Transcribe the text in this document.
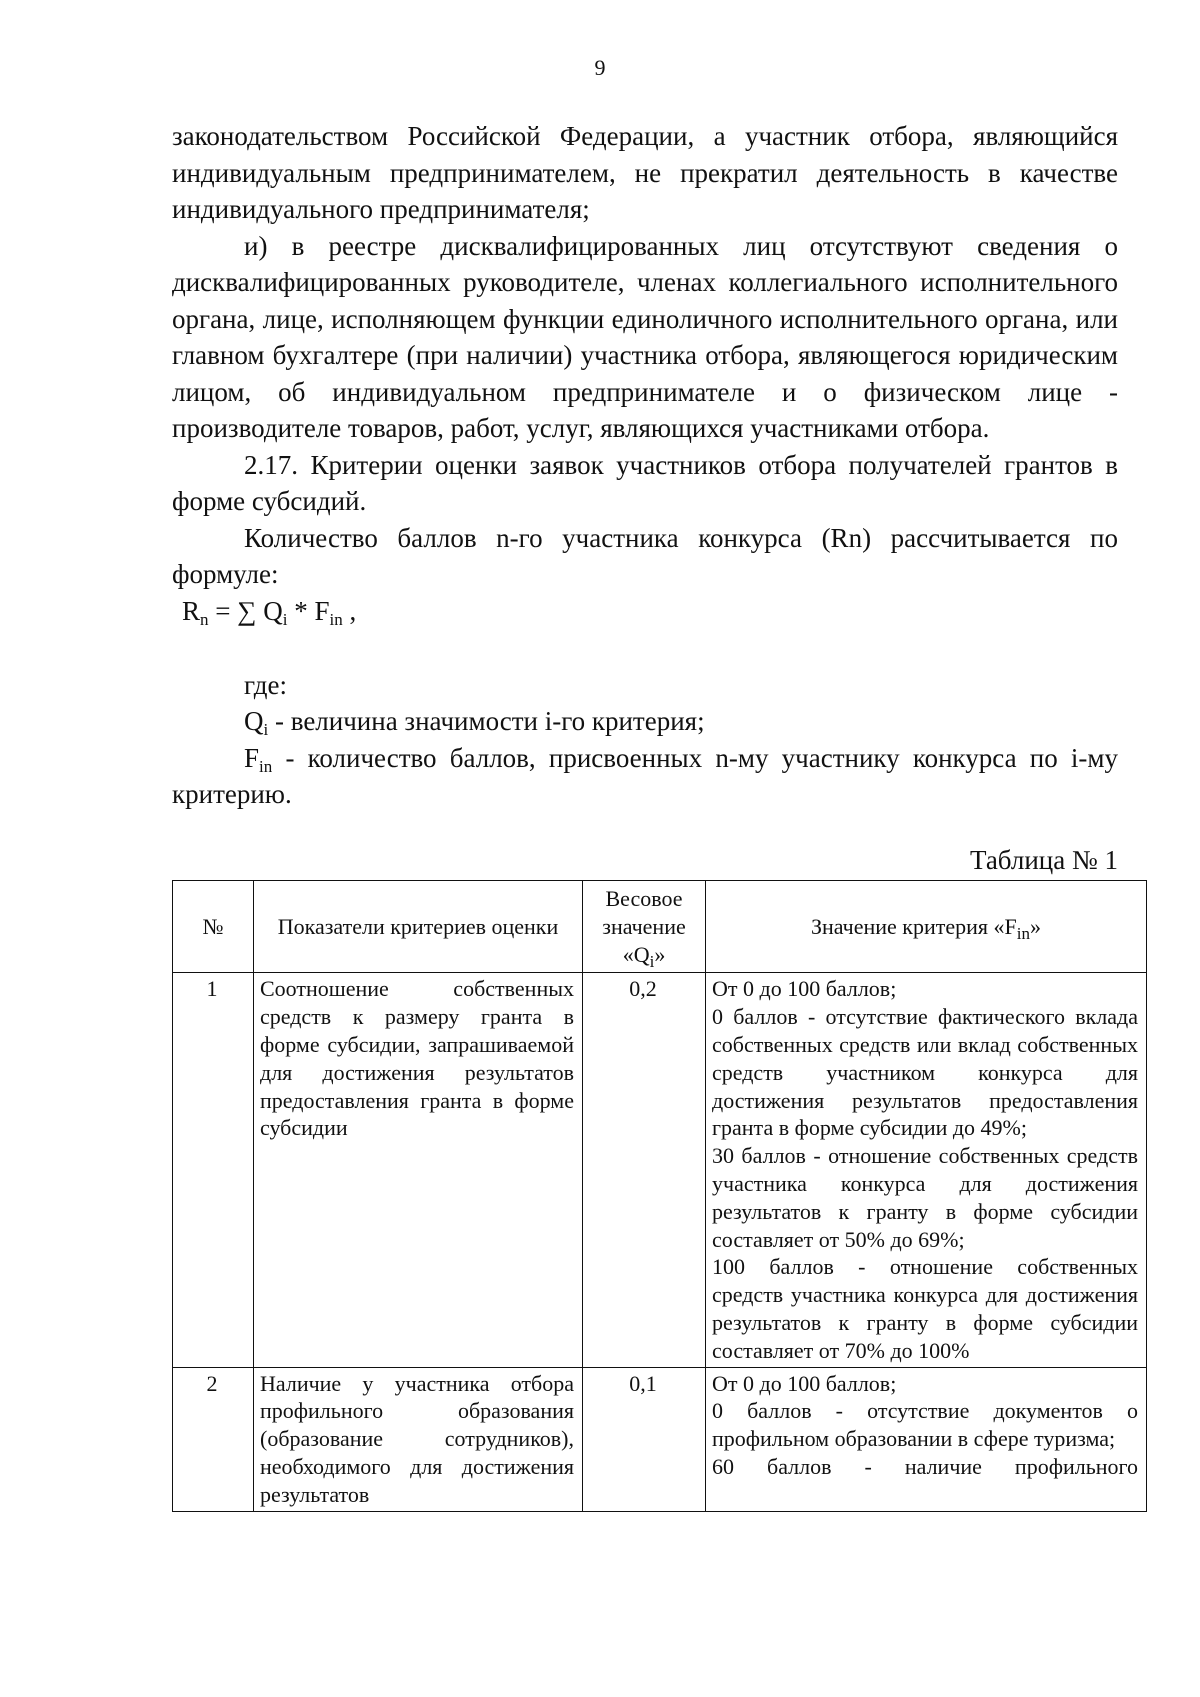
9

законодательством Российской Федерации, а участник отбора, являющийся индивидуальным предпринимателем, не прекратил деятельность в качестве индивидуального предпринимателя;

и) в реестре дисквалифицированных лиц отсутствуют сведения о дисквалифицированных руководителе, членах коллегиального исполнительного органа, лице, исполняющем функции единоличного исполнительного органа, или главном бухгалтере (при наличии) участника отбора, являющегося юридическим лицом, об индивидуальном предпринимателе и о физическом лице - производителе товаров, работ, услуг, являющихся участниками отбора.

2.17. Критерии оценки заявок участников отбора получателей грантов в форме субсидий.

Количество баллов n-го участника конкурса (Rn) рассчитывается по формуле:

$R_n$ = ∑ $Q_i * F_{in}$ ,

где:

$Q_i$ - величина значимости i-го критерия;

$F_{in}$ - количество баллов, присвоенных n-му участнику конкурса по i-му критерию.

Таблица № 1
№	Показатели критериев оценки	Весовое
значение
«$Q_i$»	Значение критерия «$F_{in}$»
1	Соотношение собственных средств к размеру гранта в форме субсидии, запрашиваемой для достижения результатов предоставления гранта в форме субсидии	0,2	От 0 до 100 баллов;
0 баллов - отсутствие фактического вклада собственных средств или вклад собственных средств участником конкурса для достижения результатов предоставления гранта в форме субсидии до 49%;
30 баллов - отношение собственных средств участника конкурса для достижения результатов к гранту в форме субсидии составляет от 50% до 69%;
100 баллов - отношение собственных средств участника конкурса для достижения результатов к гранту в форме субсидии составляет от 70% до 100%

2	Наличие у участника отбора профильного образования (образование сотрудников), необходимого для достижения результатов	0,1	От 0 до 100 баллов;
0 баллов - отсутствие документов о профильном образовании в сфере туризма;
60 баллов - наличие профильного
